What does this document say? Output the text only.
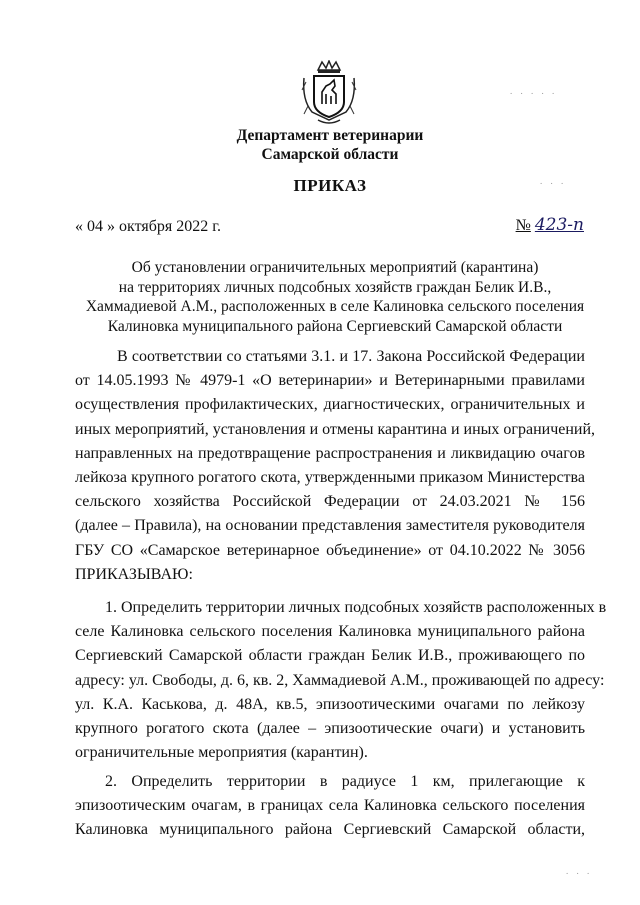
Департамент ветеринарии
Самарской области
ПРИКАЗ
« 04 » октября 2022 г.	№ 423-п
Об установлении ограничительных мероприятий (карантина)
на территориях личных подсобных хозяйств граждан Белик И.В.,
Хаммадиевой А.М., расположенных в селе Калиновка сельского поселения
Калиновка муниципального района Сергиевский Самарской области
В соответствии со статьями 3.1. и 17. Закона Российской Федерации
от 14.05.1993 № 4979-1 «О ветеринарии» и Ветеринарными правилами
осуществления профилактических, диагностических, ограничительных и
иных мероприятий, установления и отмены карантина и иных ограничений,
направленных на предотвращение распространения и ликвидацию очагов
лейкоза крупного рогатого скота, утвержденными приказом Министерства
сельского хозяйства Российской Федерации от 24.03.2021 № 156
(далее – Правила), на основании представления заместителя руководителя
ГБУ СО «Самарское ветеринарное объединение» от 04.10.2022 № 3056
ПРИКАЗЫВАЮ:
1. Определить территории личных подсобных хозяйств расположенных в
селе Калиновка сельского поселения Калиновка муниципального района
Сергиевский Самарской области граждан Белик И.В., проживающего по
адресу: ул. Свободы, д. 6, кв. 2, Хаммадиевой А.М., проживающей по адресу:
ул. К.А. Каськова, д. 48А, кв.5, эпизоотическими очагами по лейкозу
крупного рогатого скота (далее – эпизоотические очаги) и установить
ограничительные мероприятия (карантин).
2. Определить территории в радиусе 1 км, прилегающие к
эпизоотическим очагам, в границах села Калиновка сельского поселения
Калиновка муниципального района Сергиевский Самарской области,
. . . . .
. . .
. . .
